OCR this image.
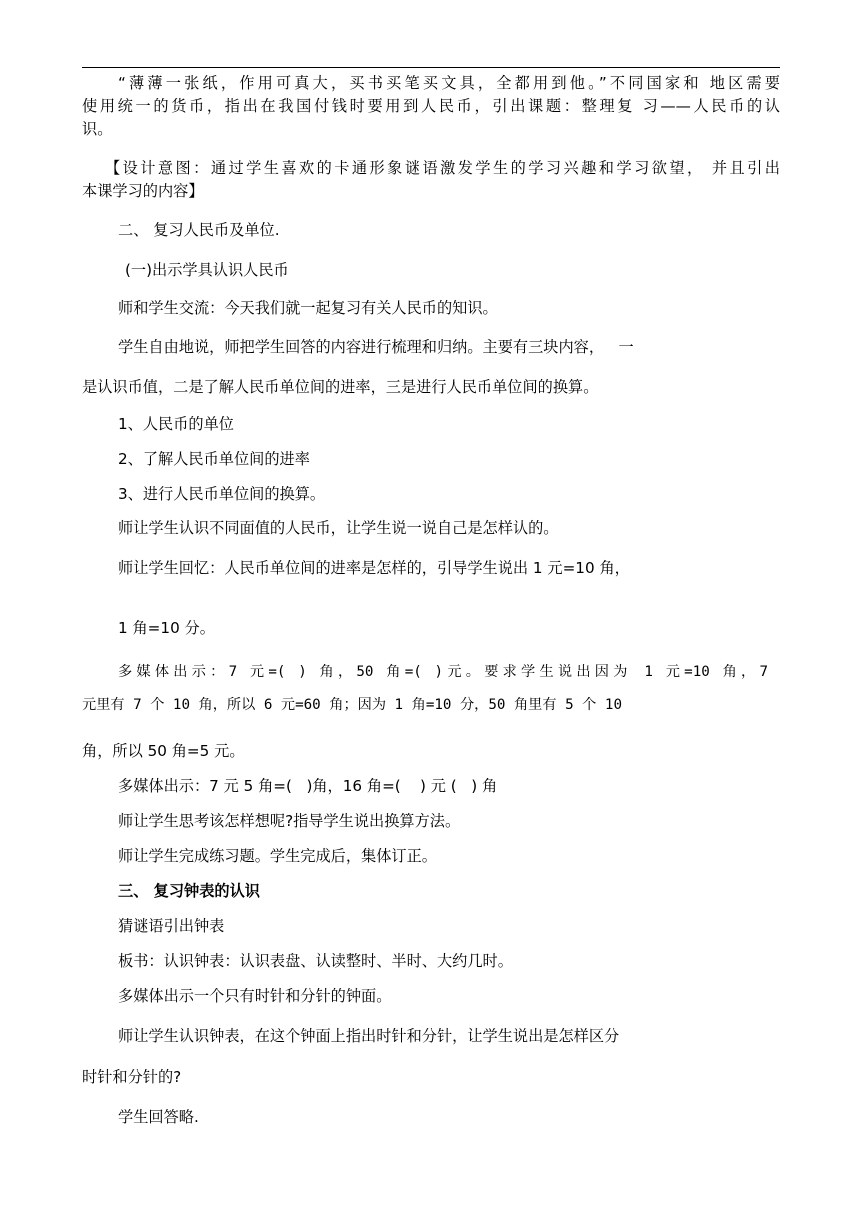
“薄薄一张纸，作用可真大，买书买笔买文具，全都用到他。”不同国家和 地区需要
使用统一的货币，指出在我国付钱时要用到人民币，引出课题：整理复 习——人民币的认
识。
【设计意图：通过学生喜欢的卡通形象谜语激发学生的学习兴趣和学习欲望， 并且引出
本课学习的内容】
二、 复习人民币及单位.
(一)出示学具认识人民币
师和学生交流：今天我们就一起复习有关人民币的知识。
学生自由地说，师把学生回答的内容进行梳理和归纳。主要有三块内容，   一
是认识币值，二是了解人民币单位间的进率，三是进行人民币单位间的换算。
1、人民币的单位
2、了解人民币单位间的进率
3、进行人民币单位间的换算。
师让学生认识不同面值的人民币，让学生说一说自己是怎样认的。
师让学生回忆：人民币单位间的进率是怎样的，引导学生说出 1 元=10 角，
1 角=10 分。
多媒体出示：7 元=( ) 角，50 角=( )元。要求学生说出因为 1 元=10 角，7
元里有 7 个 10 角，所以 6 元=60 角；因为 1 角=10 分，50 角里有 5 个 10
角，所以 50 角=5 元。
多媒体出示：7 元 5 角=(   )角，16 角=(    ) 元 (   ) 角
师让学生思考该怎样想呢?指导学生说出换算方法。
师让学生完成练习题。学生完成后，集体订正。
三、 复习钟表的认识
猜谜语引出钟表
板书：认识钟表：认识表盘、认读整时、半时、大约几时。
多媒体出示一个只有时针和分针的钟面。
师让学生认识钟表，在这个钟面上指出时针和分针，让学生说出是怎样区分
时针和分针的?
学生回答略.
